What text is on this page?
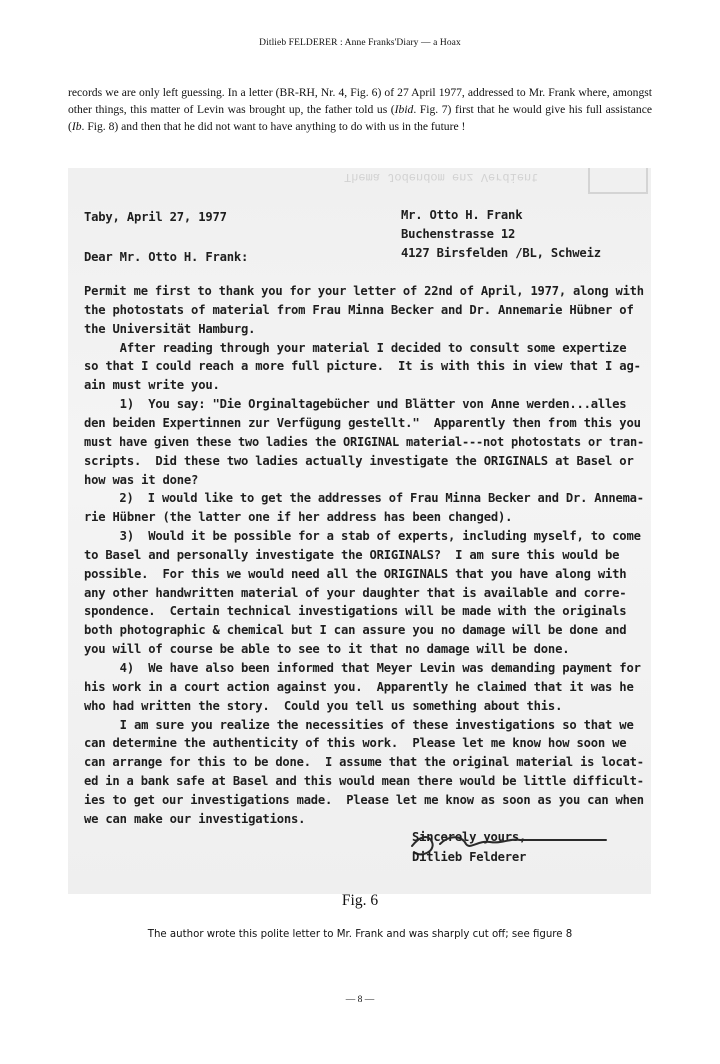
Ditlieb FELDERER : Anne Franks'Diary — a Hoax

records we are only left guessing. In a letter (BR-RH, Nr. 4, Fig. 6) of 27 April 1977, addressed to Mr. Frank where, amongst other things, this matter of Levin was brought up, the father told us (Ibid. Fig. 7) first that he would give his full assistance (Ib. Fig. 8) and then that he did not want to have anything to do with us in the future !

Thema Jodendom enz Verdient
Taby, April 27, 1977	Mr. Otto H. Frank
Buchenstrasse 12
Dear Mr. Otto H. Frank:	4127 Birsfelden /BL, Schweiz
Permit me first to thank you for your letter of 22nd of April, 1977, along with
the photostats of material from Frau Minna Becker and Dr. Annemarie Hübner of
the Universität Hamburg.
After reading through your material I decided to consult some expertize
so that I could reach a more full picture.  It is with this in view that I ag-
ain must write you.
1)  You say: "Die Orginaltagebücher und Blätter von Anne werden...alles
den beiden Expertinnen zur Verfügung gestellt."  Apparently then from this you
must have given these two ladies the ORIGINAL material---not photostats or tran-
scripts.  Did these two ladies actually investigate the ORIGINALS at Basel or
how was it done?
2)  I would like to get the addresses of Frau Minna Becker and Dr. Annema-
rie Hübner (the latter one if her address has been changed).
3)  Would it be possible for a stab of experts, including myself, to come
to Basel and personally investigate the ORIGINALS?  I am sure this would be
possible.  For this we would need all the ORIGINALS that you have along with
any other handwritten material of your daughter that is available and corre-
spondence.  Certain technical investigations will be made with the originals
both photographic & chemical but I can assure you no damage will be done and
you will of course be able to see to it that no damage will be done.
4)  We have also been informed that Meyer Levin was demanding payment for
his work in a court action against you.  Apparently he claimed that it was he
who had written the story.  Could you tell us something about this.
I am sure you realize the necessities of these investigations so that we
can determine the authenticity of this work.  Please let me know how soon we
can arrange for this to be done.  I assume that the original material is locat-
ed in a bank safe at Basel and this would mean there would be little difficult-
ies to get our investigations made.  Please let me know as soon as you can when
we can make our investigations.
Sincerely yours,
Ditlieb Felderer
Fig. 6
The author wrote this polite letter to Mr. Frank and was sharply cut off; see figure 8
— 8 —
